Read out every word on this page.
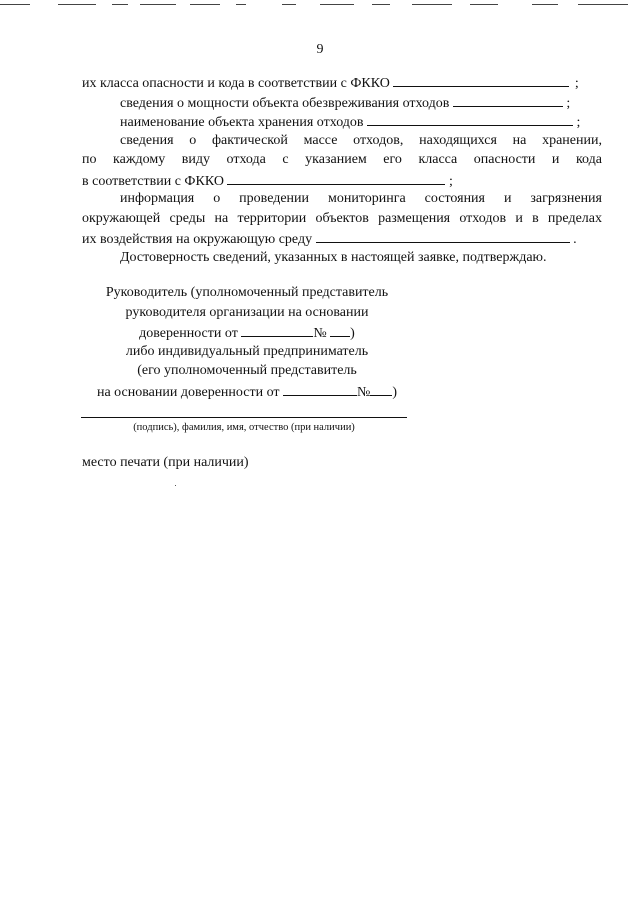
9
их класса опасности и кода в соответствии с ФККО	;
сведения о мощности объекта обезвреживания отходов	;
наименование объекта хранения отходов	;
сведения о фактической массе отходов, находящихся на хранении,
по каждому виду отхода с указанием его класса опасности и кода
в соответствии с ФККО	;
информация о проведении мониторинга состояния и загрязнения
окружающей среды на территории объектов размещения отходов и в пределах
их воздействия на окружающую среду	.
Достоверность сведений, указанных в настоящей заявке, подтверждаю.
Руководитель (уполномоченный представитель
руководителя организации на основании
доверенности от	№ )
либо индивидуальный предприниматель
(его уполномоченный представитель
на основании доверенности от	№ )
(подпись), фамилия, имя, отчество (при наличии)
место печати (при наличии)
